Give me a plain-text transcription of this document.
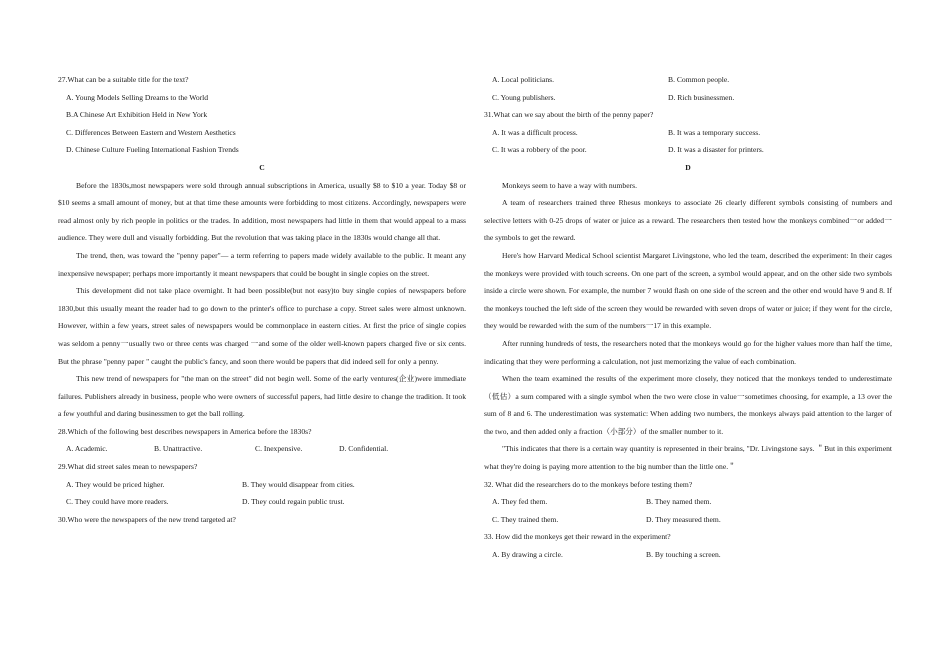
27.What can be a suitable title for the text?

A. Young Models Selling Dreams to the World

B.A Chinese Art Exhibition Held in New York

C. Differences Between Eastern and Western Aesthetics

D. Chinese Culture Fueling International Fashion Trends

C

Before the 1830s,most newspapers were sold through annual subscriptions in America, usually $8 to $10 a year. Today $8 or $10 seems a small amount of money, but at that time these amounts were forbidding to most citizens. Accordingly, newspapers were read almost only by rich people in politics or the trades. In addition, most newspapers had little in them that would appeal to a mass audience. They were dull and visually forbidding. But the revolution that was taking place in the 1830s would change all that.

The trend, then, was toward the "penny paper"— a term referring to papers made widely available to the public. It meant any inexpensive newspaper; perhaps more importantly it meant newspapers that could be bought in single copies on the street.

This development did not take place overnight. It had been possible(but not easy)to buy single copies of newspapers before 1830,but this usually meant the reader had to go down to the printer's office to purchase a copy. Street sales were almost unknown. However, within a few years, street sales of newspapers would be commonplace in eastern cities. At first the price of single copies was seldom a penny一usually two or three cents was charged 一and some of the older well-known papers charged five or six cents. But the phrase "penny paper " caught the public's fancy, and soon there would be papers that did indeed sell for only a penny.

This new trend of newspapers for "the man on the street" did not begin well. Some of the early ventures(企业)were immediate failures. Publishers already in business, people who were owners of successful papers, had little desire to change the tradition. It took a few youthful and daring businessmen to get the ball rolling.

28.Which of the following best describes newspapers in America before the 1830s?

A. Academic.	B. Unattractive.	C. Inexpensive.	D. Confidential.

29.What did street sales mean to newspapers?

A. They would be priced higher.	B. They would disappear from cities.
C. They could have more readers.	D. They could regain public trust.

30.Who were the newspapers of the new trend targeted at?

A. Local politicians.	B. Common people.
C. Young publishers.	D. Rich businessmen.

31.What can we say about the birth of the penny paper?

A. It was a difficult process.	B. It was a temporary success.
C. It was a robbery of the poor.	D. It was a disaster for printers.

D

Monkeys seem to have a way with numbers.

A team of researchers trained three Rhesus monkeys to associate 26 clearly different symbols consisting of numbers and selective letters with 0-25 drops of water or juice as a reward. The researchers then tested how the monkeys combined一or added一the symbols to get the reward.

Here's how Harvard Medical School scientist Margaret Livingstone, who led the team, described the experiment: In their cages the monkeys were provided with touch screens. On one part of the screen, a symbol would appear, and on the other side two symbols inside a circle were shown. For example, the number 7 would flash on one side of the screen and the other end would have 9 and 8. If the monkeys touched the left side of the screen they would be rewarded with seven drops of water or juice; if they went for the circle, they would be rewarded with the sum of the numbers一17 in this example.

After running hundreds of tests, the researchers noted that the monkeys would go for the higher values more than half the time, indicating that they were performing a calculation, not just memorizing the value of each combination.

When the team examined the results of the experiment more closely, they noticed that the monkeys tended to underestimate（低估）a sum compared with a single symbol when the two were close in value一sometimes choosing, for example, a 13 over the sum of 8 and 6. The underestimation was systematic: When adding two numbers, the monkeys always paid attention to the larger of the two, and then added only a fraction（小部分）of the smaller number to it.

"This indicates that there is a certain way quantity is represented in their brains, "Dr. Livingstone says. ＂But in this experiment what they're doing is paying more attention to the big number than the little one.＂

32. What did the researchers do to the monkeys before testing them?

A. They fed them.	B. They named them.
C. They trained them.	D. They measured them.

33. How did the monkeys get their reward in the experiment?

A. By drawing a circle.	B. By touching a screen.
